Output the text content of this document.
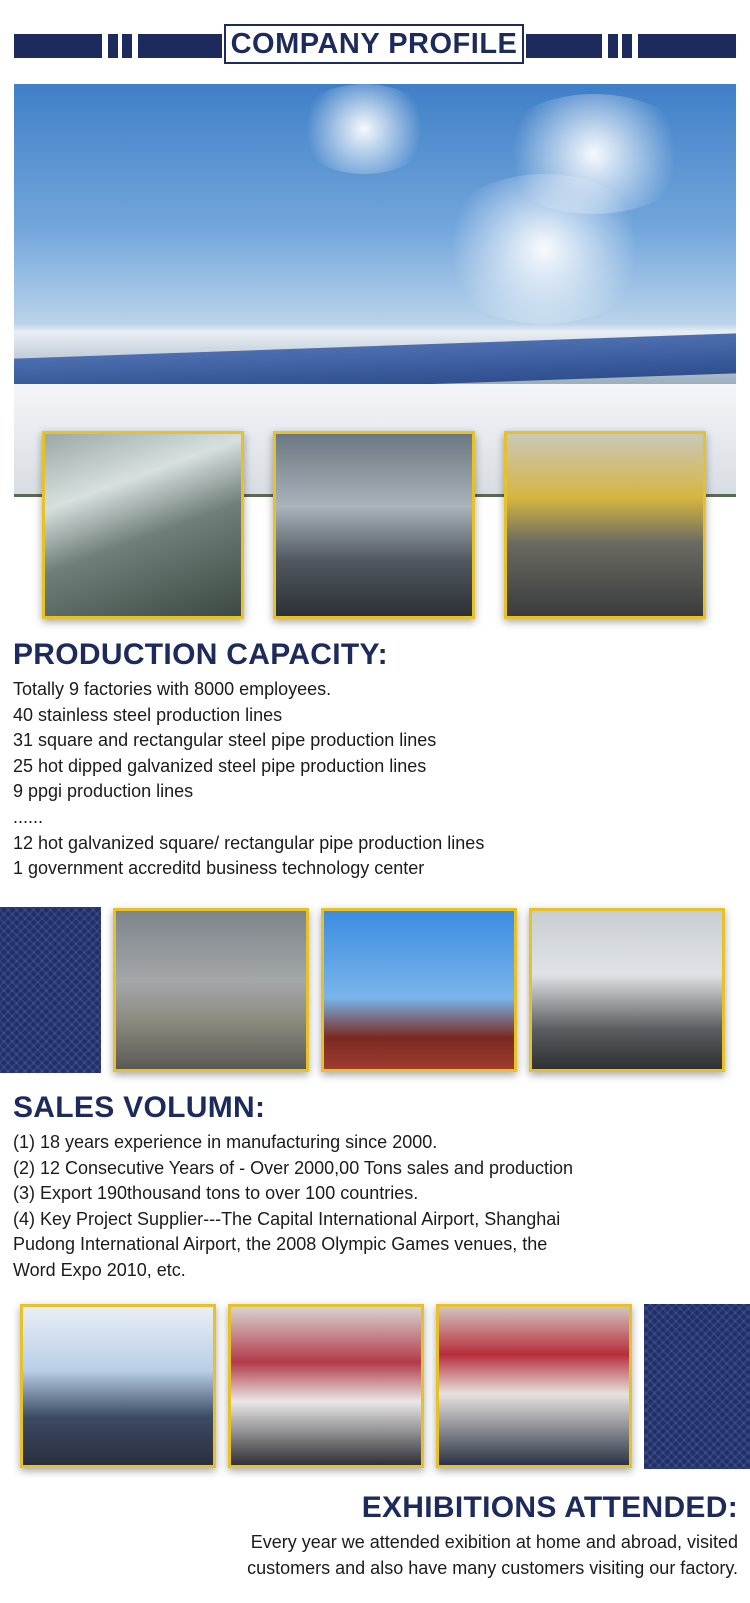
COMPANY PROFILE
PRODUCTION CAPACITY:
Totally 9 factories with 8000 employees.
40 stainless steel production lines
31 square and rectangular steel pipe production lines
25 hot dipped galvanized steel pipe production lines
9 ppgi production lines
......
12 hot galvanized square/ rectangular pipe production lines
1 government accreditd business technology center
SALES VOLUMN:
(1) 18 years experience in manufacturing since 2000.
(2) 12 Consecutive Years of - Over 2000,00 Tons sales and production
(3) Export 190thousand tons to over 100 countries.
(4) Key Project Supplier---The Capital International Airport, Shanghai
Pudong International Airport, the 2008 Olympic Games venues, the
Word Expo 2010, etc.
EXHIBITIONS ATTENDED:
Every year we attended exibition at home and abroad, visited
customers and also have many customers visiting our factory.
